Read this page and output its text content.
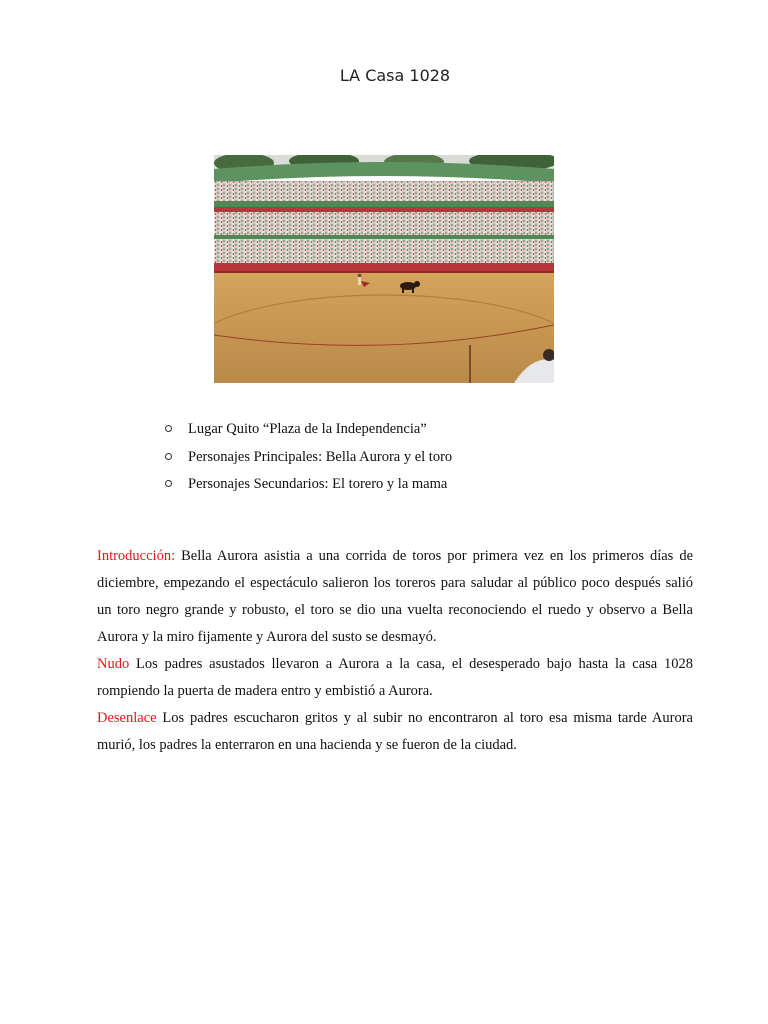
LA Casa 1028
Lugar Quito “Plaza de la Independencia”
Personajes Principales: Bella Aurora y el toro
Personajes Secundarios: El torero y la mama

Introducción: Bella Aurora asistia a una corrida de toros por primera vez en los primeros días de diciembre, empezando el espectáculo salieron los toreros para saludar al público poco después salió un toro negro grande y robusto, el toro se dio una vuelta reconociendo el ruedo y observo a Bella Aurora y la miro fijamente y Aurora del susto se desmayó.

Nudo Los padres asustados llevaron a Aurora a la casa, el desesperado bajo hasta la casa 1028 rompiendo la puerta de madera entro y embistió a Aurora.

Desenlace Los padres escucharon gritos y al subir no encontraron al toro esa misma tarde Aurora murió, los padres la enterraron en una hacienda y se fueron de la ciudad.
